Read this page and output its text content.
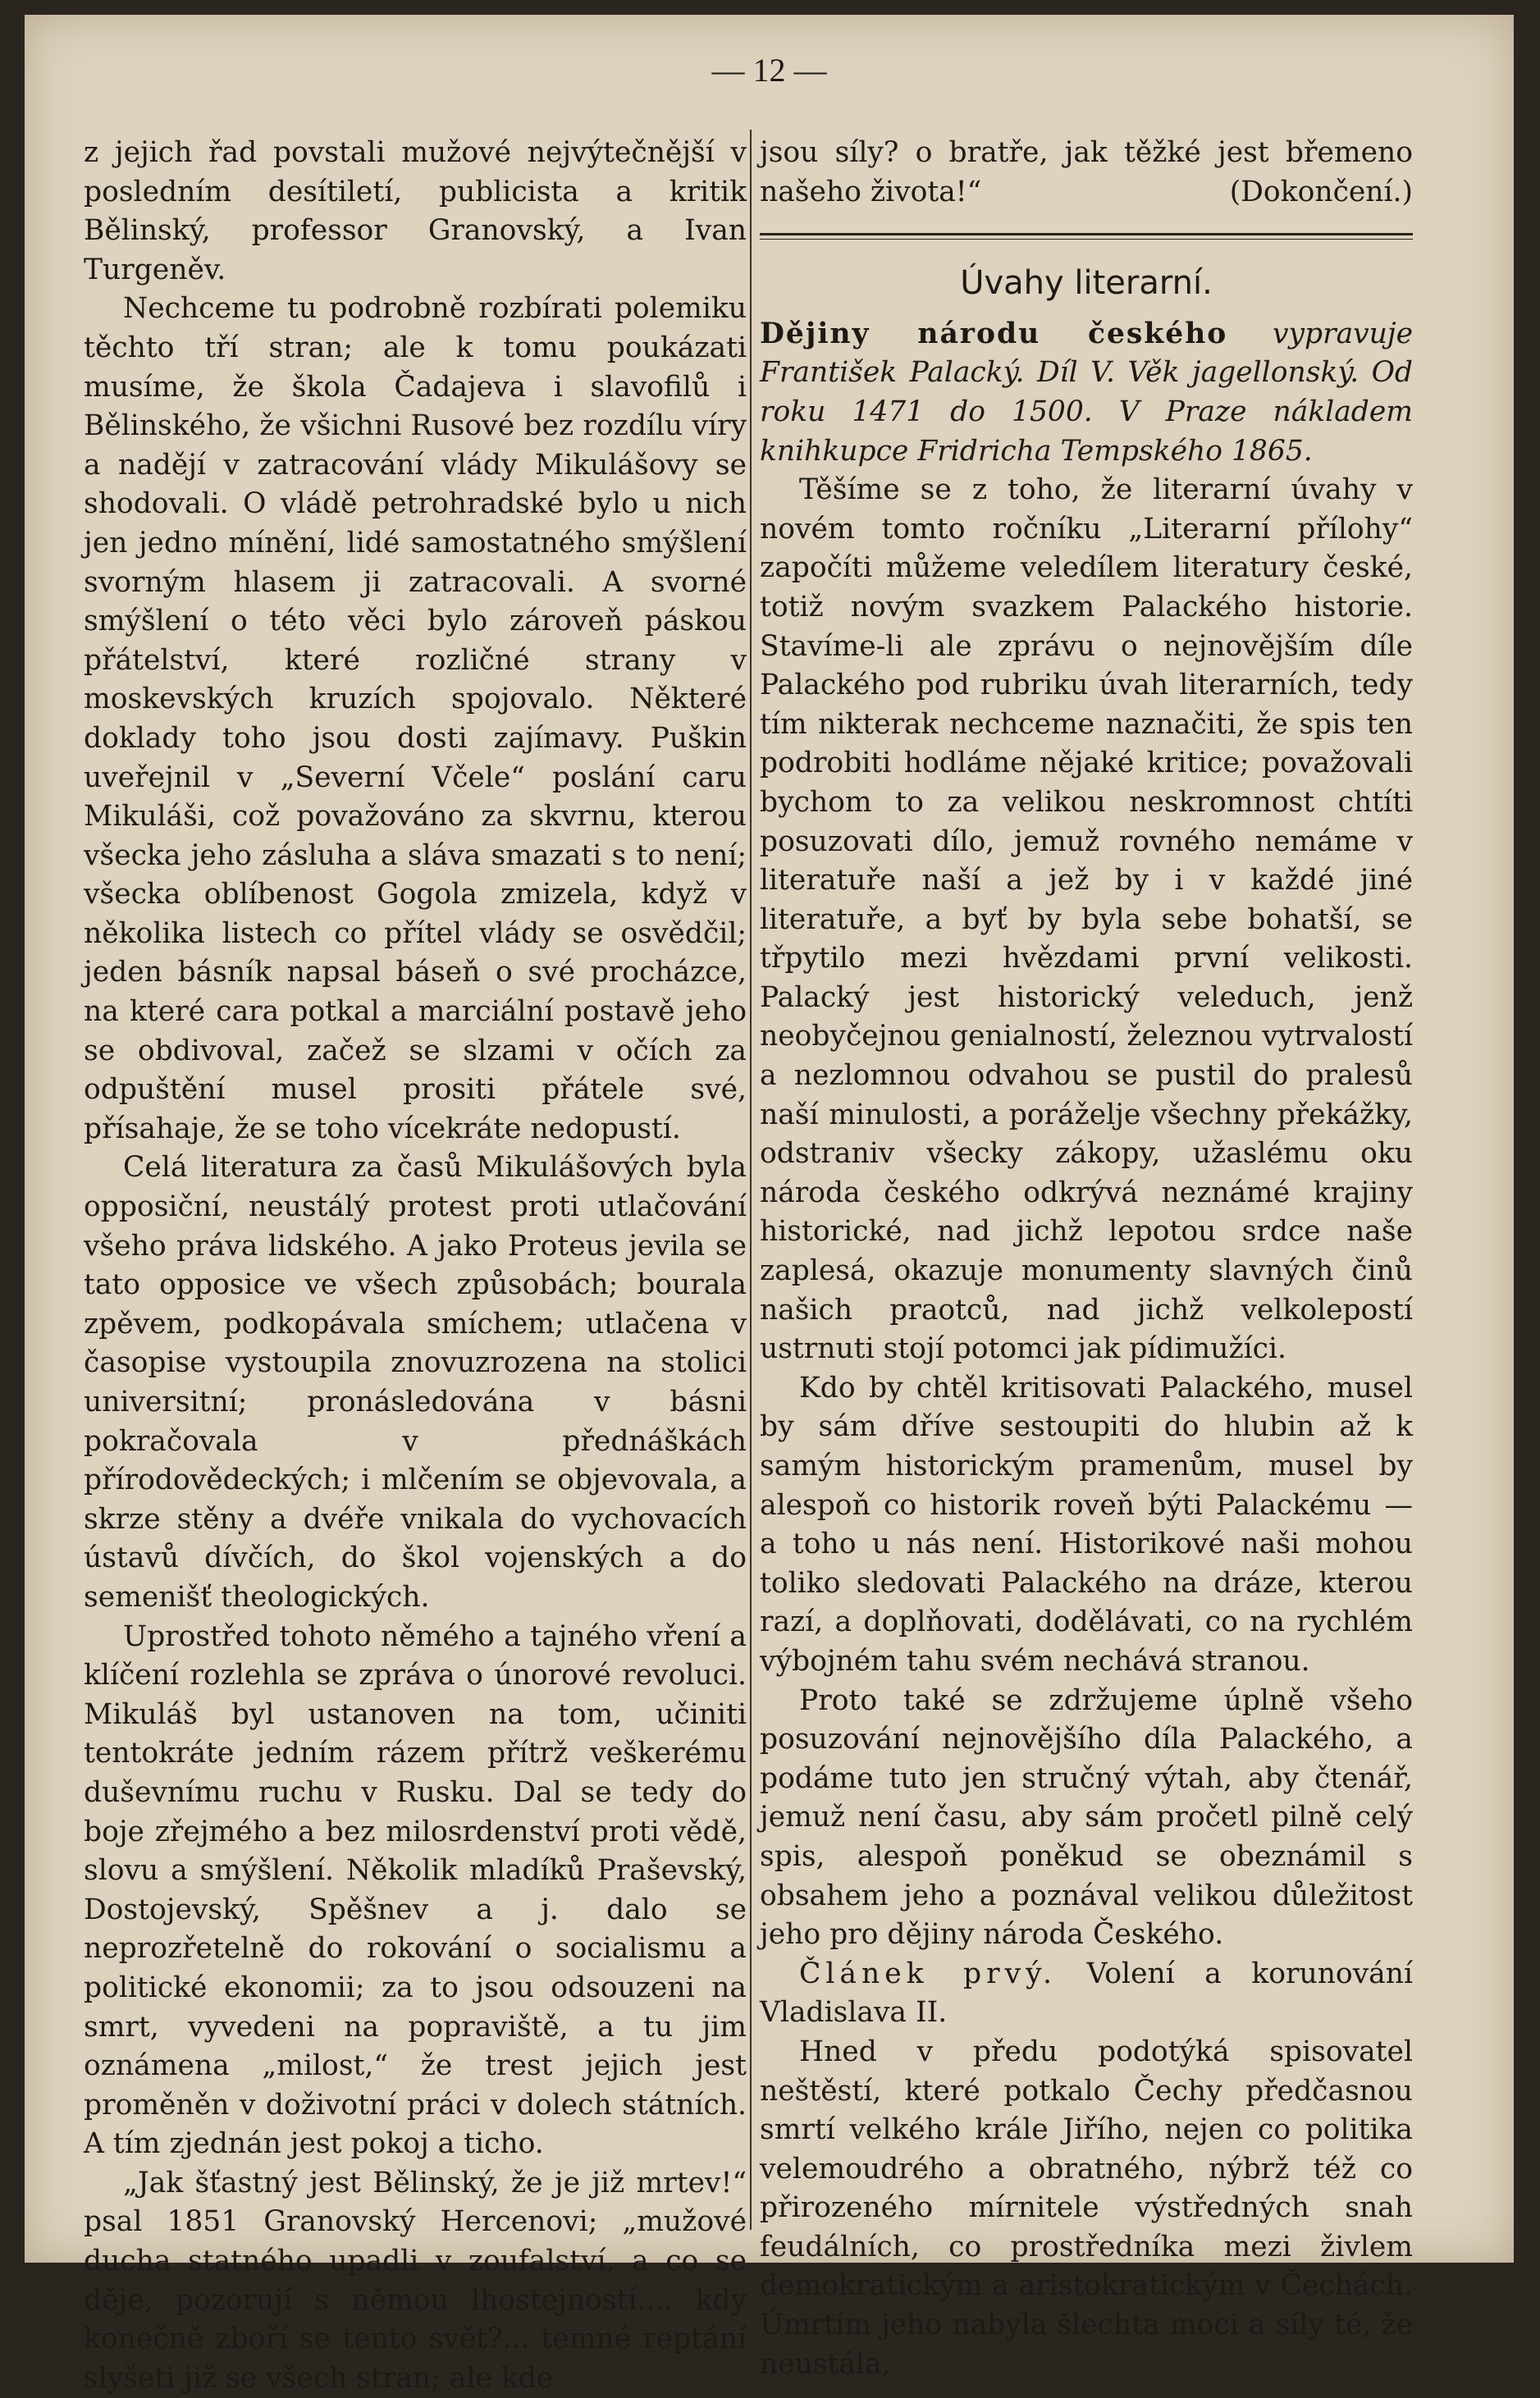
— 12 —

z jejich řad povstali mužové nejvýtečnější v posledním desítiletí, publicista a kritik Bělinský, professor Granovský, a Ivan Turgeněv.

Nechceme tu podrobně rozbírati polemiku těchto tří stran; ale k tomu poukázati musíme, že škola Čadajeva i slavofilů i Bělinského, že všichni Rusové bez rozdílu víry a nadějí v zatracování vlády Mikulášovy se shodovali. O vládě petrohradské bylo u nich jen jedno mínění, lidé samostatného smýšlení svorným hlasem ji zatracovali. A svorné smýšlení o této věci bylo zároveň páskou přátelství, které rozličné strany v moskevských kruzích spojovalo. Některé doklady toho jsou dosti zajímavy. Puškin uveřejnil v „Severní Včele“ poslání caru Mikuláši, což považováno za skvrnu, kterou všecka jeho zásluha a sláva smazati s to není; všecka oblíbenost Gogola zmizela, když v několika listech co přítel vlády se osvědčil; jeden básník napsal báseň o své procházce, na které cara potkal a marciální postavě jeho se obdivoval, začež se slzami v očích za odpuštění musel prositi přátele své, přísahaje, že se toho vícekráte nedopustí.

Celá literatura za časů Mikulášových byla opposiční, neustálý protest proti utlačování všeho práva lidského. A jako Proteus jevila se tato opposice ve všech způsobách; bourala zpěvem, podkopávala smíchem; utlačena v časopise vystoupila znovuzrozena na stolici universitní; pronásledována v básni pokračovala v přednáškách přírodovědeckých; i mlčením se objevovala, a skrze stěny a dvéře vnikala do vychovacích ústavů dívčích, do škol vojenských a do semenišť theologických.

Uprostřed tohoto němého a tajného vření a klíčení rozlehla se zpráva o únorové revoluci. Mikuláš byl ustanoven na tom, učiniti tentokráte jedním rázem přítrž veškerému duševnímu ruchu v Rusku. Dal se tedy do boje zřejmého a bez milosrdenství proti vědě, slovu a smýšlení. Několik mladíků Praševský, Dostojevský, Spěšnev a j. dalo se neprozřetelně do rokování o socialismu a politické ekonomii; za to jsou odsouzeni na smrt, vyvedeni na popraviště, a tu jim oznámena „milost,“ že trest jejich jest proměněn v doživotní práci v dolech státních. A tím zjednán jest pokoj a ticho.

„Jak šťastný jest Bělinský, že je již mrtev!“ psal 1851 Granovský Hercenovi; „mužové ducha statného upadli v zoufalství, a co se děje, pozorují s němou lhostejností.... kdy konečně zboří se tento svět?... temné reptání slyšeti již se všech stran; ale kde

jsou síly? o bratře, jak těžké jest břemeno našeho života!“	(Dokončení.)

Úvahy literarní.

Dějiny národu českého vypravuje František Palacký. Díl V. Věk jagellonský. Od roku 1471 do 1500. V Praze nákladem knihkupce Fridricha Tempského 1865.

Těšíme se z toho, že literarní úvahy v novém tomto ročníku „Literarní přílohy“ započíti můžeme veledílem literatury české, totiž novým svazkem Palackého historie. Stavíme-li ale zprávu o nejnovějším díle Palackého pod rubriku úvah literarních, tedy tím nikterak nechceme naznačiti, že spis ten podrobiti hodláme nějaké kritice; považovali bychom to za velikou neskromnost chtíti posuzovati dílo, jemuž rovného nemáme v literatuře naší a jež by i v každé jiné literatuře, a byť by byla sebe bohatší, se třpytilo mezi hvězdami první velikosti. Palacký jest historický veleduch, jenž neobyčejnou genialností, železnou vytrvalostí a nezlomnou odvahou se pustil do pralesů naší minulosti, a poráželje všechny překážky, odstraniv všecky zákopy, užaslému oku národa českého odkrývá neznámé krajiny historické, nad jichž lepotou srdce naše zaplesá, okazuje monumenty slavných činů našich praotců, nad jichž velkolepostí ustrnuti stojí potomci jak pídimužíci.

Kdo by chtěl kritisovati Palackého, musel by sám dříve sestoupiti do hlubin až k samým historickým pramenům, musel by alespoň co historik roveň býti Palackému — a toho u nás není. Historikové naši mohou toliko sledovati Palackého na dráze, kterou razí, a doplňovati, dodělávati, co na rychlém výbojném tahu svém nechává stranou.

Proto také se zdržujeme úplně všeho posuzování nejnovějšího díla Palackého, a podáme tuto jen stručný výtah, aby čtenář, jemuž není času, aby sám pročetl pilně celý spis, alespoň poněkud se obeznámil s obsahem jeho a poznával velikou důležitost jeho pro dějiny národa Českého.

Článek prvý. Volení a korunování Vladislava II.

Hned v předu podotýká spisovatel neštěstí, které potkalo Čechy předčasnou smrtí velkého krále Jiřího, nejen co politika velemoudrého a obratného, nýbrž též co přirozeného mírnitele výstředných snah feudálních, co prostředníka mezi živlem demokratickým a aristokratickým v Čechách. Úmrtím jeho nabyla šlechta moci a síly té, že neustála,
